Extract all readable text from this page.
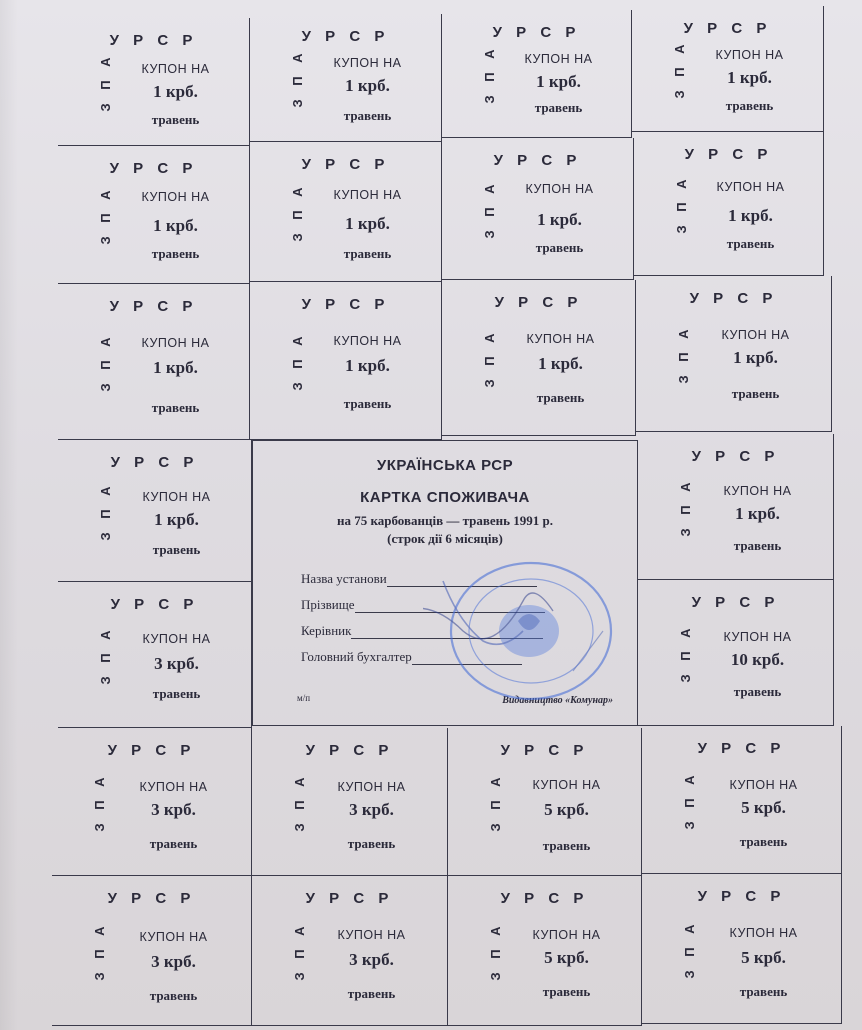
У Р С Р
З П А	КУПОН НА
1 крб.
травень
У Р С Р
З П А	КУПОН НА
1 крб.
травень
У Р С Р
З П А	КУПОН НА
1 крб.
травень
У Р С Р
З П А	КУПОН НА
1 крб.
травень
У Р С Р
З П А	КУПОН НА
1 крб.
травень
У Р С Р
З П А	КУПОН НА
1 крб.
травень
У Р С Р
З П А	КУПОН НА
1 крб.
травень
У Р С Р
З П А	КУПОН НА
1 крб.
травень
У Р С Р
З П А	КУПОН НА
1 крб.
травень
У Р С Р
З П А	КУПОН НА
1 крб.
травень
У Р С Р
З П А	КУПОН НА
1 крб.
травень
У Р С Р
З П А	КУПОН НА
1 крб.
травень
У Р С Р
З П А	КУПОН НА
1 крб.
травень
У Р С Р
З П А	КУПОН НА
1 крб.
травень
У Р С Р
З П А	КУПОН НА
3 крб.
травень
У Р С Р
З П А	КУПОН НА
10 крб.
травень
УКРАЇНСЬКА РСР
КАРТКА СПОЖИВАЧА
на 75 карбованців — травень 1991 р.
(строк дії 6 місяців)
Назва установи
Прізвище
Керівник
Головний бухгалтер
м/п	Видавництво «Комунар»
У Р С Р
З П А	КУПОН НА
3 крб.
травень
У Р С Р
З П А	КУПОН НА
3 крб.
травень
У Р С Р
З П А	КУПОН НА
5 крб.
травень
У Р С Р
З П А	КУПОН НА
5 крб.
травень
У Р С Р
З П А	КУПОН НА
3 крб.
травень
У Р С Р
З П А	КУПОН НА
3 крб.
травень
У Р С Р
З П А	КУПОН НА
5 крб.
травень
У Р С Р
З П А	КУПОН НА
5 крб.
травень
